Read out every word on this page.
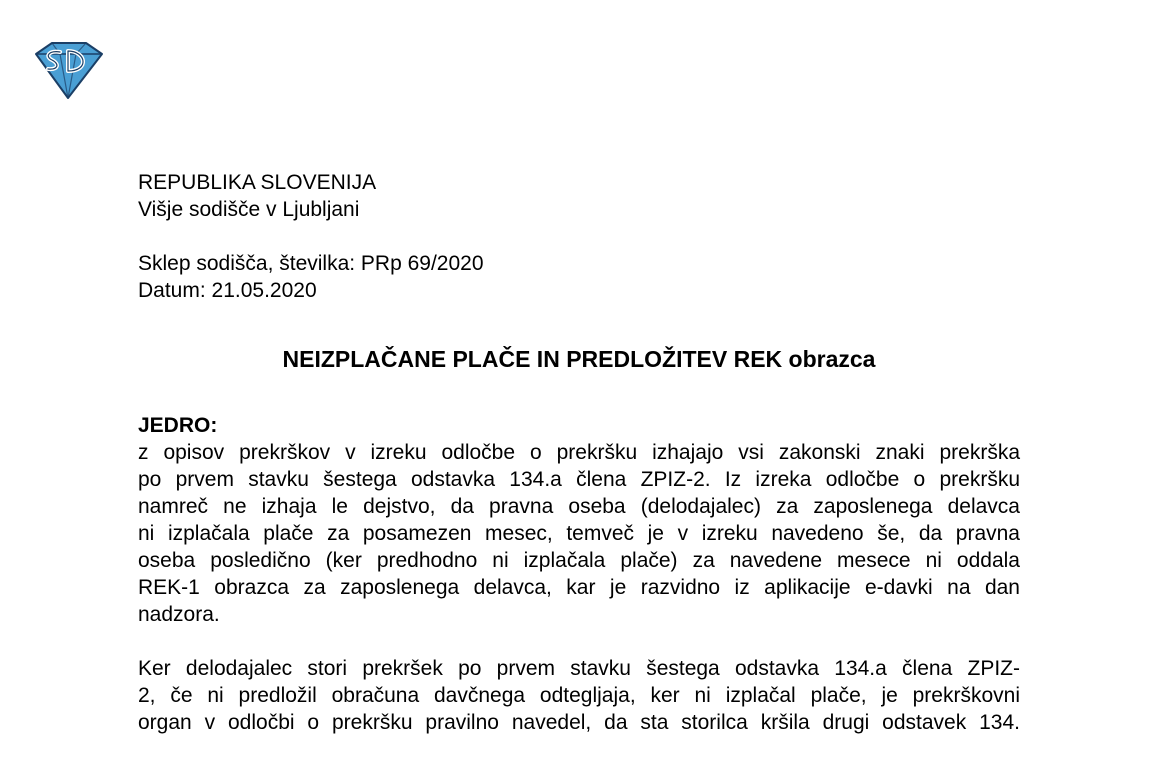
REPUBLIKA SLOVENIJA
Višje sodišče v Ljubljani
Sklep sodišča, številka: PRp 69/2020
Datum: 21.05.2020
NEIZPLAČANE PLAČE IN PREDLOŽITEV REK obrazca
JEDRO:
z opisov prekrškov v izreku odločbe o prekršku izhajajo vsi zakonski znaki prekrška
po prvem stavku šestega odstavka 134.a člena ZPIZ-2. Iz izreka odločbe o prekršku
namreč ne izhaja le dejstvo, da pravna oseba (delodajalec) za zaposlenega delavca
ni izplačala plače za posamezen mesec, temveč je v izreku navedeno še, da pravna
oseba posledično (ker predhodno ni izplačala plače) za navedene mesece ni oddala
REK-1 obrazca za zaposlenega delavca, kar je razvidno iz aplikacije e-davki na dan
nadzora.
Ker delodajalec stori prekršek po prvem stavku šestega odstavka 134.a člena ZPIZ-
2, če ni predložil obračuna davčnega odtegljaja, ker ni izplačal plače, je prekrškovni
organ v odločbi o prekršku pravilno navedel, da sta storilca kršila drugi odstavek 134.
